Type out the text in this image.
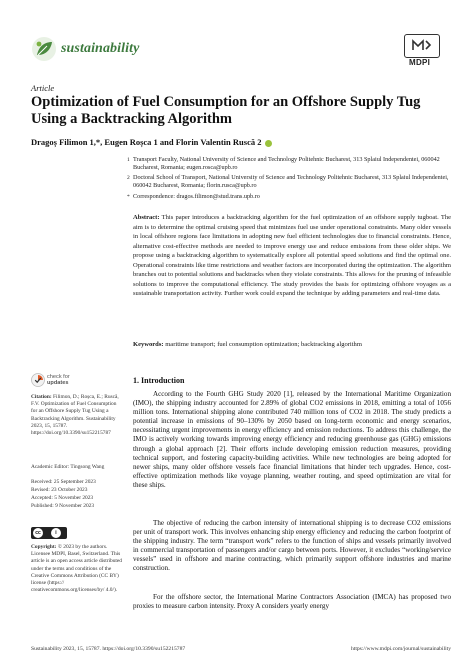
sustainability
MDPI
Article
Optimization of Fuel Consumption for an Offshore Supply Tug Using a Backtracking Algorithm
Dragoș Filimon 1,*, Eugen Roșca 1 and Florin Valentin Ruscă 2
1 Transport Faculty, National University of Science and Technology Politehnic Bucharest, 313 Splaiul Independentei, 060042 Bucharest, Romania; eugen.rosca@upb.ro
2 Doctoral School of Transport, National University of Science and Technology Politehnic Bucharest, 313 Splaiul Independentei, 060042 Bucharest, Romania; florin.rusca@upb.ro
* Correspondence: dragos.filimon@stud.trans.upb.ro
Abstract: This paper introduces a backtracking algorithm for the fuel optimization of an offshore supply tugboat. The aim is to determine the optimal cruising speed that minimizes fuel use under operational constraints. Many older vessels in local offshore regions face limitations in adopting new fuel efficient technologies due to financial constraints. Hence, alternative cost-effective methods are needed to improve energy use and reduce emissions from these older ships. We propose using a backtracking algorithm to systematically explore all potential speed solutions and find the optimal one. Operational constraints like time restrictions and weather factors are incorporated during the optimization. The algorithm branches out to potential solutions and backtracks when they violate constraints. This allows for the pruning of infeasible solutions to improve the computational efficiency. The study provides the basis for optimizing offshore voyages as a sustainable transportation activity. Further work could expand the technique by adding parameters and real-time data.
Keywords: maritime transport; fuel consumption optimization; backtracking algorithm
check for
updates
Citation: Filimon, D.; Roșca, E.; Ruscă, F.V. Optimization of Fuel Consumption for an Offshore Supply Tug Using a Backtracking Algorithm. Sustainability 2023, 15, 15787. https://doi.org/10.3390/su152215787
Academic Editor: Tingsong Wang
Received: 25 September 2023
Revised: 23 October 2023
Accepted: 5 November 2023
Published: 9 November 2023
cc	i
Copyright: © 2023 by the authors. Licensee MDPI, Basel, Switzerland. This article is an open access article distributed under the terms and conditions of the Creative Commons Attribution (CC BY) license (https:// creativecommons.org/licenses/by/ 4.0/).
1. Introduction
According to the Fourth GHG Study 2020 [1], released by the International Maritime Organization (IMO), the shipping industry accounted for 2.89% of global CO2 emissions in 2018, emitting a total of 1056 million tons. International shipping alone contributed 740 million tons of CO2 in 2018. The study predicts a potential increase in emissions of 90–130% by 2050 based on long-term economic and energy scenarios, necessitating urgent improvements in energy efficiency and emission reductions. To address this challenge, the IMO is actively working towards improving energy efficiency and reducing greenhouse gas (GHG) emissions through a global approach [2]. Their efforts include developing emission reduction measures, providing technical support, and fostering capacity-building activities. While new technologies are being adopted for newer ships, many older offshore vessels face financial limitations that hinder tech upgrades. Hence, cost-effective optimization methods like voyage planning, weather routing, and speed optimization are vital for these ships.
The objective of reducing the carbon intensity of international shipping is to decrease CO2 emissions per unit of transport work. This involves enhancing ship energy efficiency and reducing the carbon footprint of the shipping industry. The term “transport work” refers to the function of ships and vessels primarily involved in commercial transportation of passengers and/or cargo between ports. However, it excludes “working/service vessels” used in offshore and marine contracting, which primarily support offshore industries and marine construction.
For the offshore sector, the International Marine Contractors Association (IMCA) has proposed two proxies to measure carbon intensity. Proxy A considers yearly energy
Sustainability 2023, 15, 15787. https://doi.org/10.3390/su152215787	https://www.mdpi.com/journal/sustainability
